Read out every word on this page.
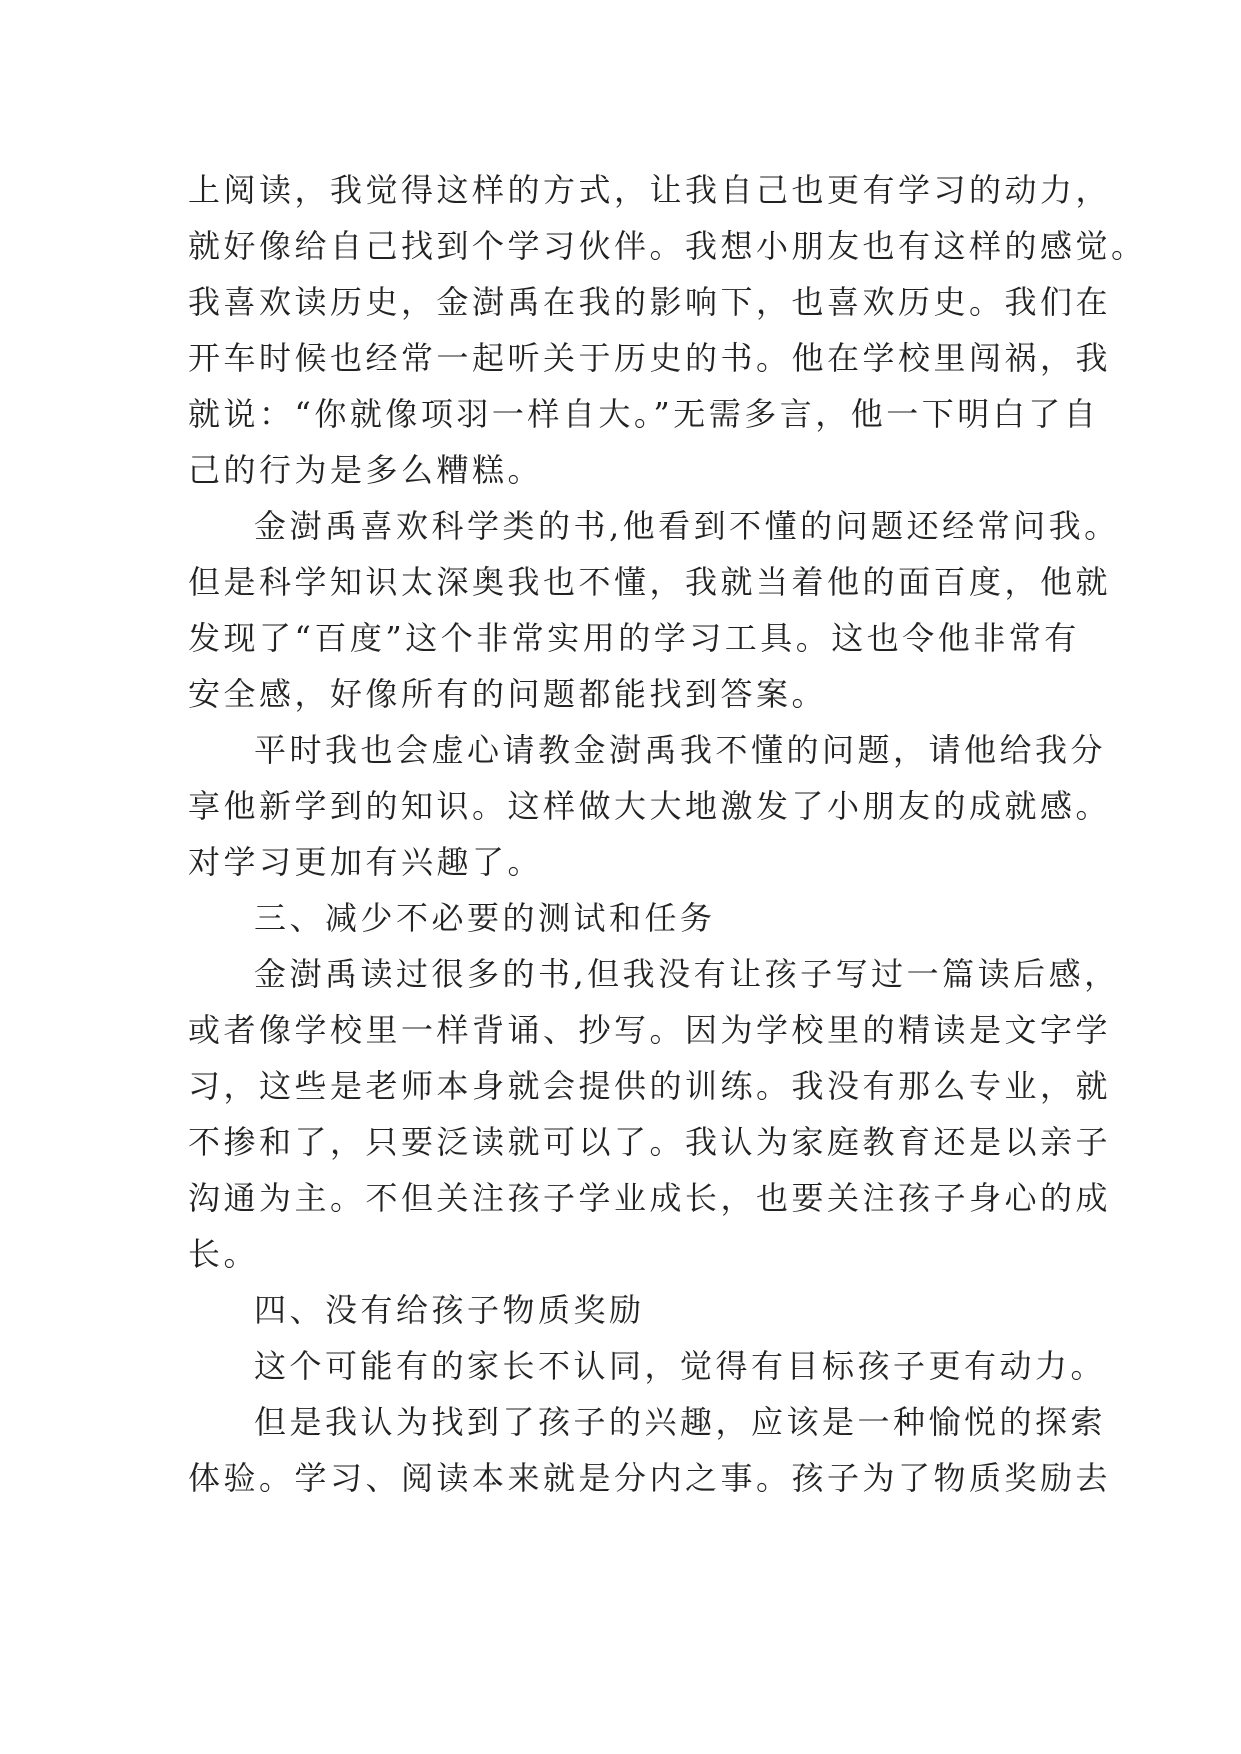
上阅读，我觉得这样的方式，让我自己也更有学习的动力，
就好像给自己找到个学习伙伴。我想小朋友也有这样的感觉。
我喜欢读历史，金澍禹在我的影响下，也喜欢历史。我们在
开车时候也经常一起听关于历史的书。他在学校里闯祸，我
就说：“你就像项羽一样自大。”无需多言，他一下明白了自
己的行为是多么糟糕。
金澍禹喜欢科学类的书,他看到不懂的问题还经常问我。
但是科学知识太深奥我也不懂，我就当着他的面百度，他就
发现了“百度”这个非常实用的学习工具。这也令他非常有
安全感，好像所有的问题都能找到答案。
平时我也会虚心请教金澍禹我不懂的问题，请他给我分
享他新学到的知识。这样做大大地激发了小朋友的成就感。
对学习更加有兴趣了。
三、减少不必要的测试和任务
金澍禹读过很多的书,但我没有让孩子写过一篇读后感，
或者像学校里一样背诵、抄写。因为学校里的精读是文字学
习，这些是老师本身就会提供的训练。我没有那么专业，就
不掺和了，只要泛读就可以了。我认为家庭教育还是以亲子
沟通为主。不但关注孩子学业成长，也要关注孩子身心的成
长。
四、没有给孩子物质奖励
这个可能有的家长不认同，觉得有目标孩子更有动力。
但是我认为找到了孩子的兴趣，应该是一种愉悦的探索
体验。学习、阅读本来就是分内之事。孩子为了物质奖励去
